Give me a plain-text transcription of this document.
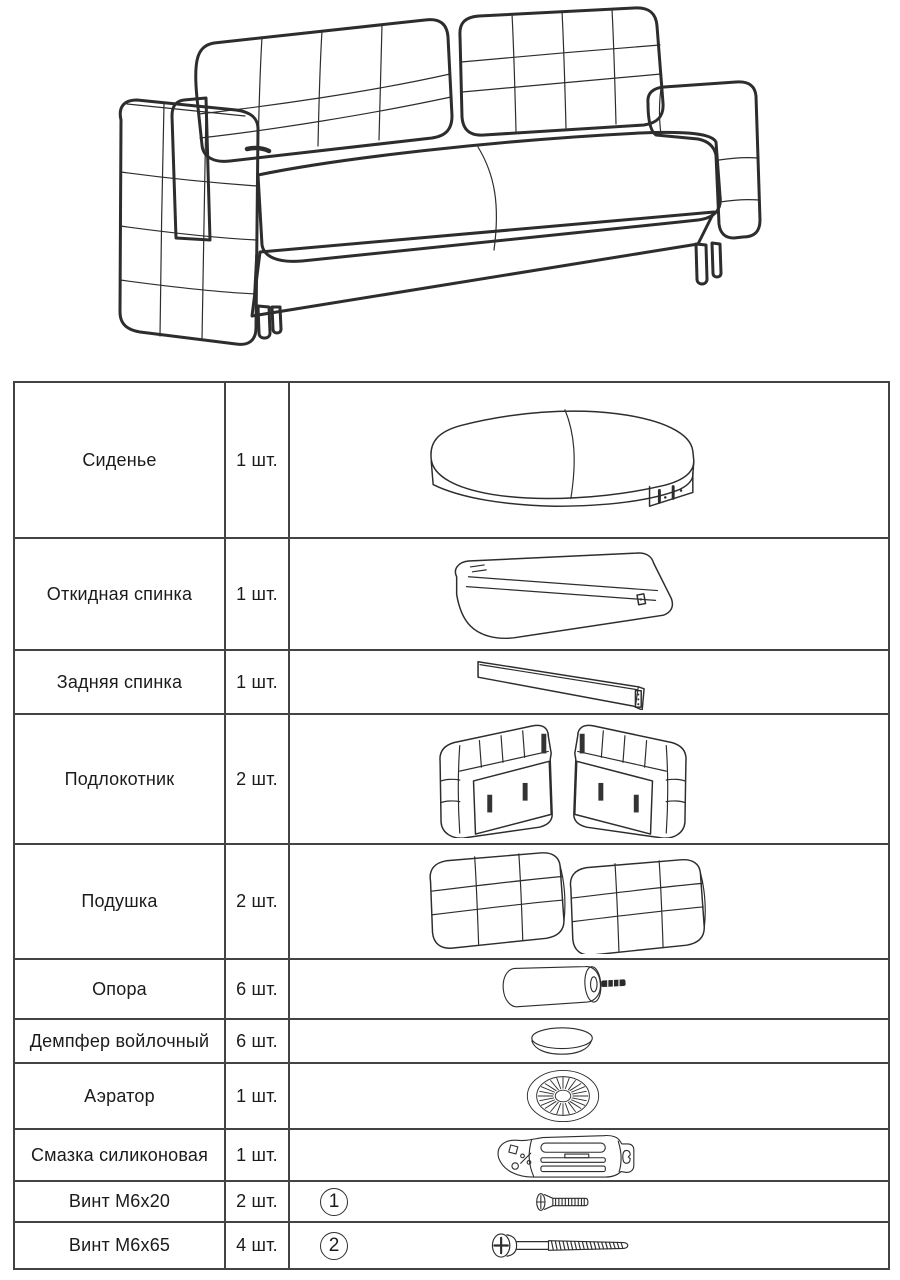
Сиденье	1 шт.
Откидная спинка	1 шт.
Задняя спинка	1 шт.
Подлокотник	2 шт.
Подушка	2 шт.
Опора	6 шт.
Демпфер войлочный	6 шт.
Аэратор	1 шт.
Смазка силиконовая	1 шт.
Винт М6х20	2 шт.	1
Винт М6х65	4 шт.	2
